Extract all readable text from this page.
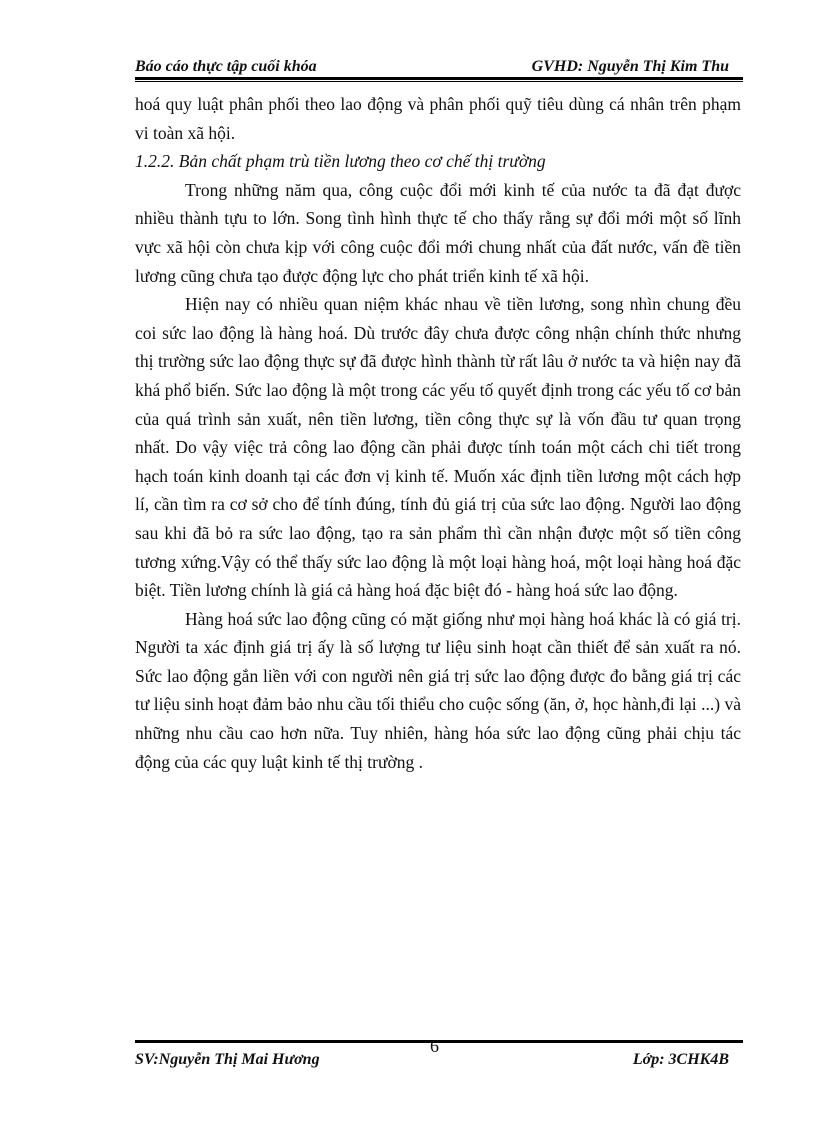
Báo cáo thực tập cuối khóa	GVHD: Nguyễn Thị Kim Thu

hoá quy luật phân phối theo lao động và phân phối quỹ tiêu dùng cá nhân trên phạm vi toàn xã hội.

1.2.2. Bản chất phạm trù tiền lương theo cơ chế thị trường

Trong những năm qua, công cuộc đổi mới kinh tế của nước ta đã đạt được nhiều thành tựu to lớn. Song tình hình thực tế cho thấy rằng sự đổi mới một số lĩnh vực xã hội còn chưa kịp với công cuộc đổi mới chung nhất của đất nước, vấn đề tiền lương cũng chưa tạo được động lực cho phát triển kinh tế xã hội.

Hiện nay có nhiều quan niệm khác nhau về tiền lương, song nhìn chung đều coi sức lao động là hàng hoá. Dù trước đây chưa được công nhận chính thức nhưng thị trường sức lao động thực sự đã được hình thành từ rất lâu ở nước ta và hiện nay đã khá phổ biến. Sức lao động là một trong các yếu tố quyết định trong các yếu tố cơ bản của quá trình sản xuất, nên tiền lương, tiền công thực sự là vốn đầu tư quan trọng nhất. Do vậy việc trả công lao động cần phải được tính toán một cách chi tiết trong hạch toán kinh doanh tại các đơn vị kinh tế. Muốn xác định tiền lương một cách hợp lí, cần tìm ra cơ sở cho để tính đúng, tính đủ giá trị của sức lao động. Người lao động sau khi đã bỏ ra sức lao động, tạo ra sản phẩm thì cần nhận được một số tiền công tương xứng.Vậy có thể thấy sức lao động là một loại hàng hoá, một loại hàng hoá đặc biệt. Tiền lương chính là giá cả hàng hoá đặc biệt đó - hàng hoá sức lao động.

Hàng hoá sức lao động cũng có mặt giống như mọi hàng hoá khác là có giá trị. Người ta xác định giá trị ấy là số lượng tư liệu sinh hoạt cần thiết để sản xuất ra nó. Sức lao động gắn liền với con người nên giá trị sức lao động được đo bằng giá trị các tư liệu sinh hoạt đảm bảo nhu cầu tối thiểu cho cuộc sống (ăn, ở, học hành,đi lại ...) và những nhu cầu cao hơn nữa. Tuy nhiên, hàng hóa sức lao động cũng phải chịu tác động của các quy luật kinh tế thị trường .

6
SV:Nguyễn Thị Mai Hương	Lớp: 3CHK4B
